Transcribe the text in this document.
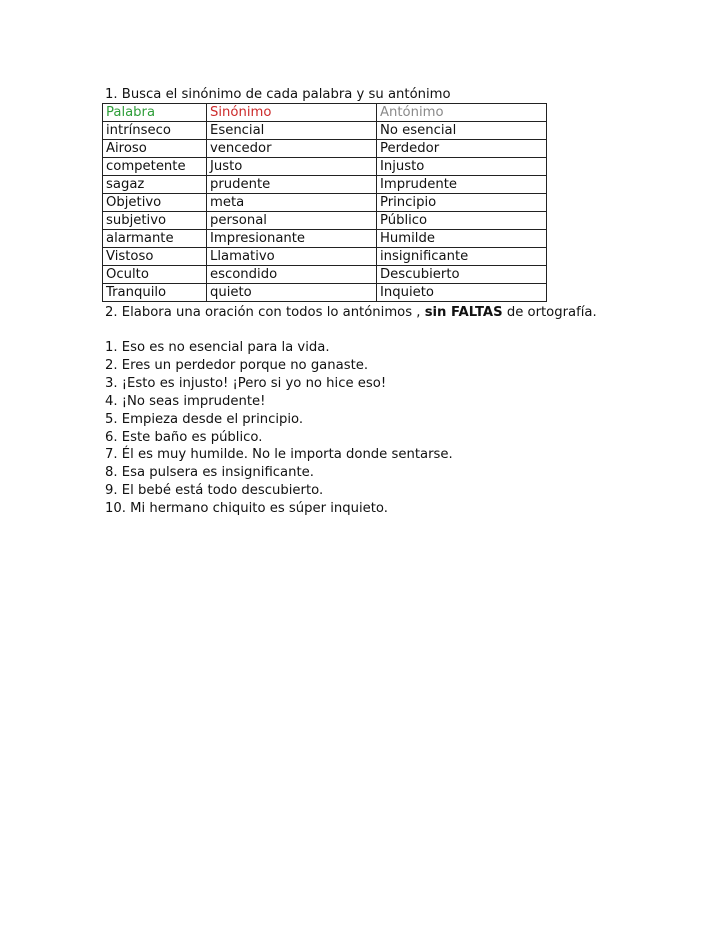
1. Busca el sinónimo de cada palabra y su antónimo
Palabra	Sinónimo	Antónimo
intrínseco	Esencial	No esencial
Airoso	vencedor	Perdedor
competente	Justo	Injusto
sagaz	prudente	Imprudente
Objetivo	meta	Principio
subjetivo	personal	Público
alarmante	Impresionante	Humilde
Vistoso	Llamativo	insignificante
Oculto	escondido	Descubierto
Tranquilo	quieto	Inquieto
2. Elabora una oración con todos lo antónimos , sin FALTAS de ortografía.
1. Eso es no esencial para la vida.
2. Eres un perdedor porque no ganaste.
3. ¡Esto es injusto! ¡Pero si yo no hice eso!
4. ¡No seas imprudente!
5. Empieza desde el principio.
6. Este baño es público.
7. Él es muy humilde. No le importa donde sentarse.
8. Esa pulsera es insignificante.
9. El bebé está todo descubierto.
10. Mi hermano chiquito es súper inquieto.
